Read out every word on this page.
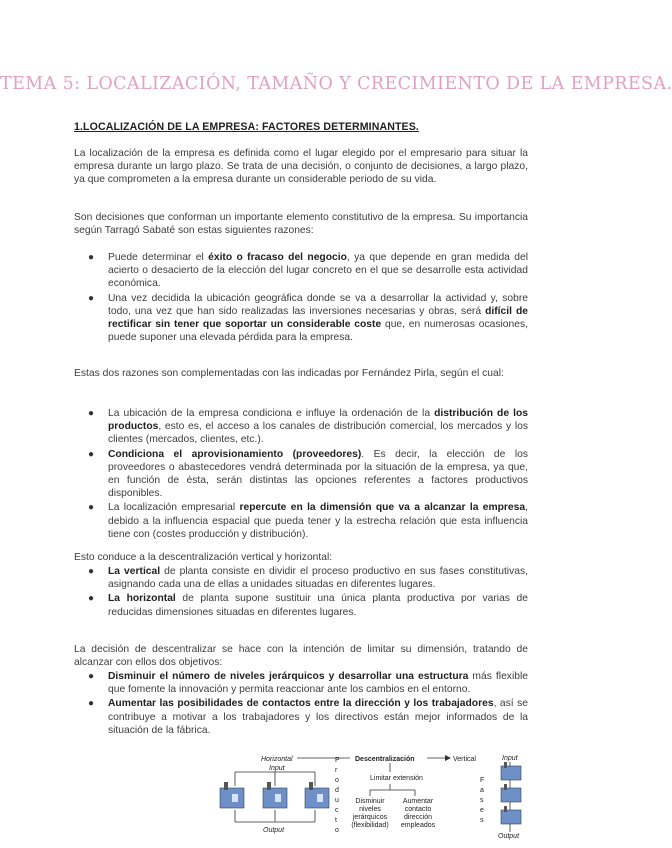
TEMA 5: LOCALIZACIÓN, TAMAÑO Y CRECIMIENTO DE LA EMPRESA.
1.LOCALIZACIÓN DE LA EMPRESA: FACTORES DETERMINANTES.

La localización de la empresa es definida como el lugar elegido por el empresario para situar la empresa durante un largo plazo. Se trata de una decisión, o conjunto de decisiones, a largo plazo, ya que comprometen a la empresa durante un considerable periodo de su vida.

Son decisiones que conforman un importante elemento constitutivo de la empresa. Su importancia según Tarragó Sabaté son estas siguientes razones:

● Puede determinar el éxito o fracaso del negocio, ya que depende en gran medida del acierto o desacierto de la elección del lugar concreto en el que se desarrolle esta actividad económica.
● Una vez decidida la ubicación geográfica donde se va a desarrollar la actividad y, sobre todo, una vez que han sido realizadas las inversiones necesarias y obras, será difícil de rectificar sin tener que soportar un considerable coste que, en numerosas ocasiones, puede suponer una elevada pérdida para la empresa.

Estas dos razones son complementadas con las indicadas por Fernández Pirla, según el cual:

● La ubicación de la empresa condiciona e influye la ordenación de la distribución de los productos, esto es, el acceso a los canales de distribución comercial, los mercados y los clientes (mercados, clientes, etc.).
● Condiciona el aprovisionamiento (proveedores). Es decir, la elección de los proveedores o abastecedores vendrá determinada por la situación de la empresa, ya que, en función de ésta, serán distintas las opciones referentes a factores productivos disponibles.
● La localización empresarial repercute en la dimensión que va a alcanzar la empresa, debido a la influencia espacial que pueda tener y la estrecha relación que esta influencia tiene con (costes producción y distribución).

Esto conduce a la descentralización vertical y horizontal:

● La vertical de planta consiste en dividir el proceso productivo en sus fases constitutivas, asignando cada una de ellas a unidades situadas en diferentes lugares.
● La horizontal de planta supone sustituir una única planta productiva por varias de reducidas dimensiones situadas en diferentes lugares.

La decisión de descentralizar se hace con la intención de limitar su dimensión, tratando de alcanzar con ellos dos objetivos:

● Disminuir el número de niveles jerárquicos y desarrollar una estructura más flexible que fomente la innovación y permita reaccionar ante los cambios en el entorno.
● Aumentar las posibilidades de contactos entre la dirección y los trabajadores, así se contribuye a motivar a los trabajadores y los directivos están mejor informados de la situación de la fábrica.
Horizontal
Input
Output
P
r
o
d
u
c
t
o
Descentralización	Vertical
Limitar extensión
Disminuir
niveles
jerárquicos
(flexibilidad)
Aumentar
contacto
dirección
empleados
F
a
s
e
s
Input
Output
